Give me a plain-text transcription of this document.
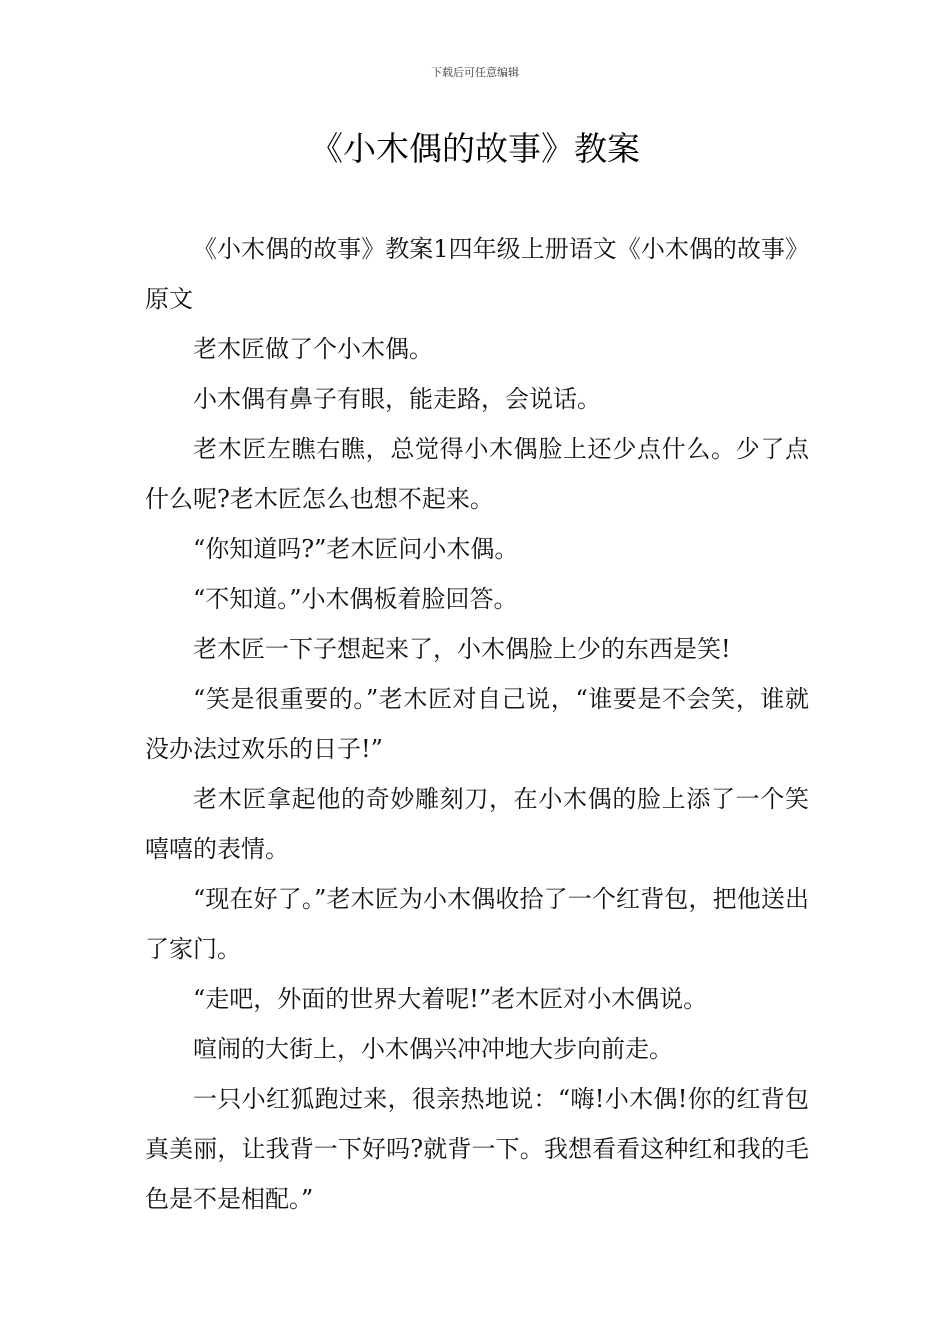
下载后可任意编辑
《小木偶的故事》教案

《小木偶的故事》教案1四年级上册语文《小木偶的故事》原文

老木匠做了个小木偶。

小木偶有鼻子有眼，能走路，会说话。

老木匠左瞧右瞧，总觉得小木偶脸上还少点什么。少了点什么呢?老木匠怎么也想不起来。

“你知道吗?”老木匠问小木偶。

“不知道。”小木偶板着脸回答。

老木匠一下子想起来了，小木偶脸上少的东西是笑!

“笑是很重要的。”老木匠对自己说，“谁要是不会笑，谁就没办法过欢乐的日子!”

老木匠拿起他的奇妙雕刻刀，在小木偶的脸上添了一个笑嘻嘻的表情。

“现在好了。”老木匠为小木偶收拾了一个红背包，把他送出了家门。

“走吧，外面的世界大着呢!”老木匠对小木偶说。

喧闹的大街上，小木偶兴冲冲地大步向前走。

一只小红狐跑过来，很亲热地说：“嗨!小木偶!你的红背包真美丽，让我背一下好吗?就背一下。我想看看这种红和我的毛色是不是相配。”
